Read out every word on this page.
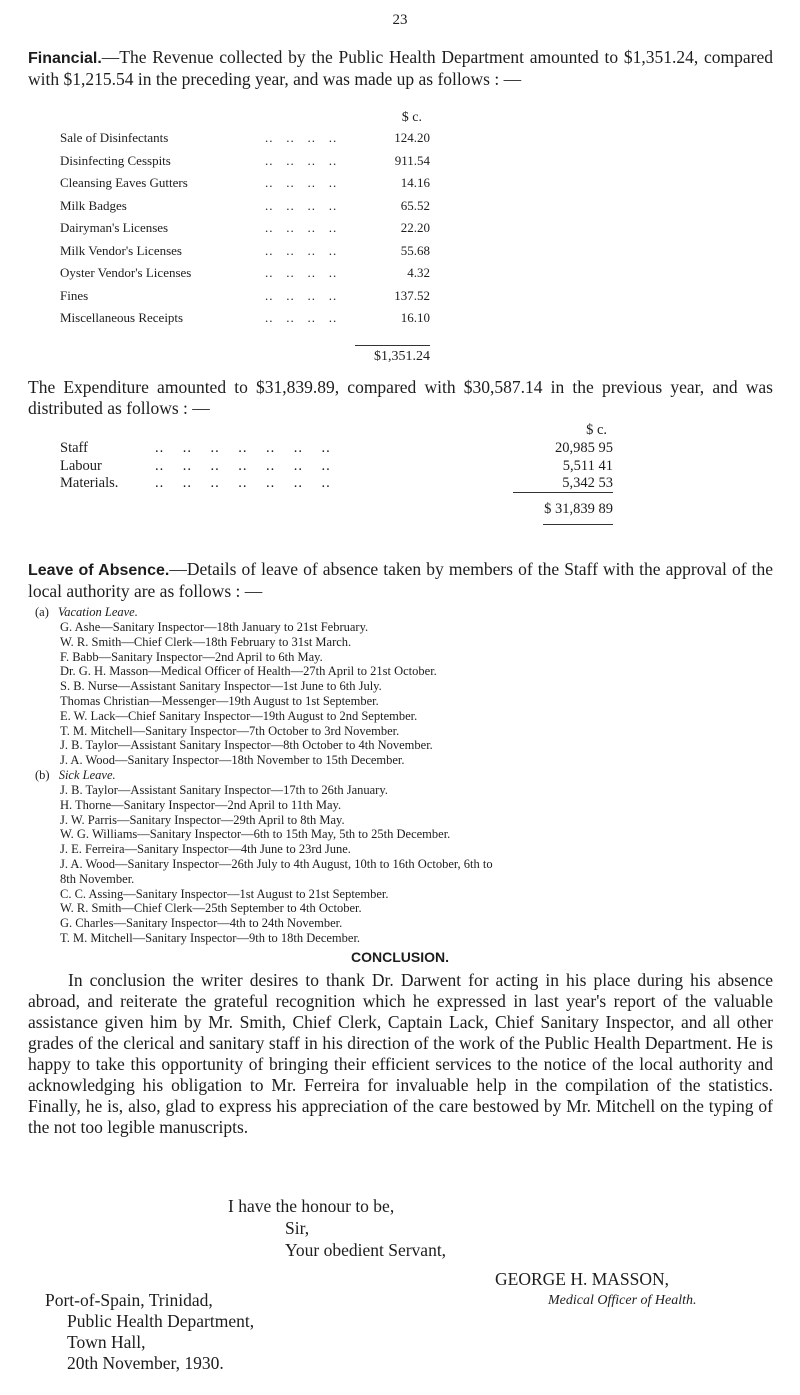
23
Financial.—The Revenue collected by the Public Health Department amounted to $1,351.24, compared with $1,215.54 in the preceding year, and was made up as follows : —
$ c.
Sale of Disinfectants	..   ..   ..   ..	124.20
Disinfecting Cesspits	..   ..   ..   ..	911.54
Cleansing Eaves Gutters	..   ..   ..   ..	14.16
Milk Badges	..   ..   ..   ..	65.52
Dairyman's Licenses	..   ..   ..   ..	22.20
Milk Vendor's Licenses	..   ..   ..   ..	55.68
Oyster Vendor's Licenses	..   ..   ..   ..	4.32
Fines	..   ..   ..   ..	137.52
Miscellaneous Receipts	..   ..   ..   ..	16.10
$1,351.24
The Expenditure amounted to $31,839.89, compared with $30,587.14 in the previous year, and was distributed as follows : —
$ c.
Staff	..    ..    ..    ..    ..    ..    ..	20,985 95
Labour	..    ..    ..    ..    ..    ..    ..	5,511 41
Materials.	..    ..    ..    ..    ..    ..    ..	5,342 53
$ 31,839 89
Leave of Absence.—Details of leave of absence taken by members of the Staff with the approval of the local authority are as follows : —
(a) Vacation Leave.
G. Ashe—Sanitary Inspector—18th January to 21st February.
W. R. Smith—Chief Clerk—18th February to 31st March.
F. Babb—Sanitary Inspector—2nd April to 6th May.
Dr. G. H. Masson—Medical Officer of Health—27th April to 21st October.
S. B. Nurse—Assistant Sanitary Inspector—1st June to 6th July.
Thomas Christian—Messenger—19th August to 1st September.
E. W. Lack—Chief Sanitary Inspector—19th August to 2nd September.
T. M. Mitchell—Sanitary Inspector—7th October to 3rd November.
J. B. Taylor—Assistant Sanitary Inspector—8th October to 4th November.
J. A. Wood—Sanitary Inspector—18th November to 15th December.
(b) Sick Leave.
J. B. Taylor—Assistant Sanitary Inspector—17th to 26th January.
H. Thorne—Sanitary Inspector—2nd April to 11th May.
J. W. Parris—Sanitary Inspector—29th April to 8th May.
W. G. Williams—Sanitary Inspector—6th to 15th May, 5th to 25th December.
J. E. Ferreira—Sanitary Inspector—4th June to 23rd June.
J. A. Wood—Sanitary Inspector—26th July to 4th August, 10th to 16th October, 6th to
8th November.
C. C. Assing—Sanitary Inspector—1st August to 21st September.
W. R. Smith—Chief Clerk—25th September to 4th October.
G. Charles—Sanitary Inspector—4th to 24th November.
T. M. Mitchell—Sanitary Inspector—9th to 18th December.
CONCLUSION.
In conclusion the writer desires to thank Dr. Darwent for acting in his place during his absence abroad, and reiterate the grateful recognition which he expressed in last year's report of the valuable assistance given him by Mr. Smith, Chief Clerk, Captain Lack, Chief Sanitary Inspector, and all other grades of the clerical and sanitary staff in his direction of the work of the Public Health Department. He is happy to take this opportunity of bringing their efficient services to the notice of the local authority and acknowledging his obligation to Mr. Ferreira for invaluable help in the compilation of the statistics. Finally, he is, also, glad to express his appreciation of the care bestowed by Mr. Mitchell on the typing of the not too legible manuscripts.
I have the honour to be,
Sir,
Your obedient Servant,
GEORGE H. MASSON,
Medical Officer of Health.
Port-of-Spain, Trinidad,
Public Health Department,
Town Hall,
20th November, 1930.
